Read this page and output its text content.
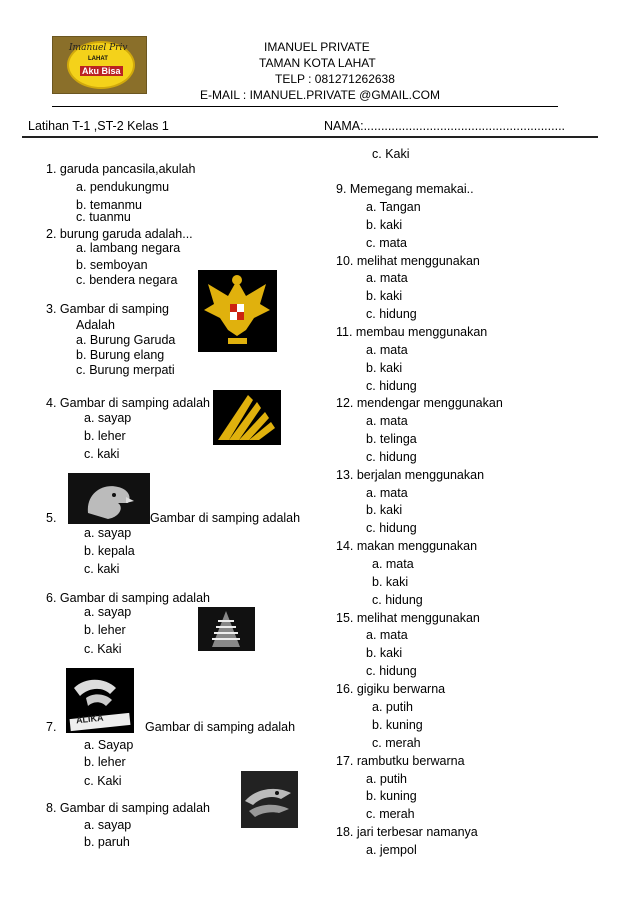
Imanuel Priv
LAHAT
Aku Bisa
IMANUEL PRIVATE
TAMAN KOTA LAHAT
TELP : 081271262638
E-MAIL : IMANUEL.PRIVATE @GMAIL.COM
Latihan T-1 ,ST-2 Kelas 1	NAMA:..........................................................
1. garuda pancasila,akulah
a. pendukungmu
b. temanmu
c. tuanmu
2. burung garuda adalah...
a. lambang negara
b. semboyan
c. bendera negara
3. Gambar di samping
Adalah
a. Burung Garuda
b. Burung elang
c. Burung merpati
4. Gambar di samping adalah
a. sayap
b. leher
c. kaki
5.	Gambar di samping adalah
a. sayap
b. kepala
c. kaki
6. Gambar di samping adalah
a. sayap
b. leher
c. Kaki
7.	Gambar di samping adalah
a. Sayap
b. leher
c. Kaki
8. Gambar di samping adalah
a. sayap
b. paruh
c. Kaki
9. Memegang memakai..
a. Tangan
b. kaki
c. mata
10. melihat menggunakan
a. mata
b. kaki
c. hidung
11. membau menggunakan
a. mata
b. kaki
c. hidung
12. mendengar menggunakan
a. mata
b. telinga
c. hidung
13. berjalan menggunakan
a. mata
b. kaki
c. hidung
14. makan menggunakan
a. mata
b. kaki
c. hidung
15. melihat menggunakan
a. mata
b. kaki
c. hidung
16. gigiku berwarna
a. putih
b. kuning
c. merah
17. rambutku berwarna
a. putih
b. kuning
c. merah
18. jari terbesar namanya
a. jempol
ALIKA
